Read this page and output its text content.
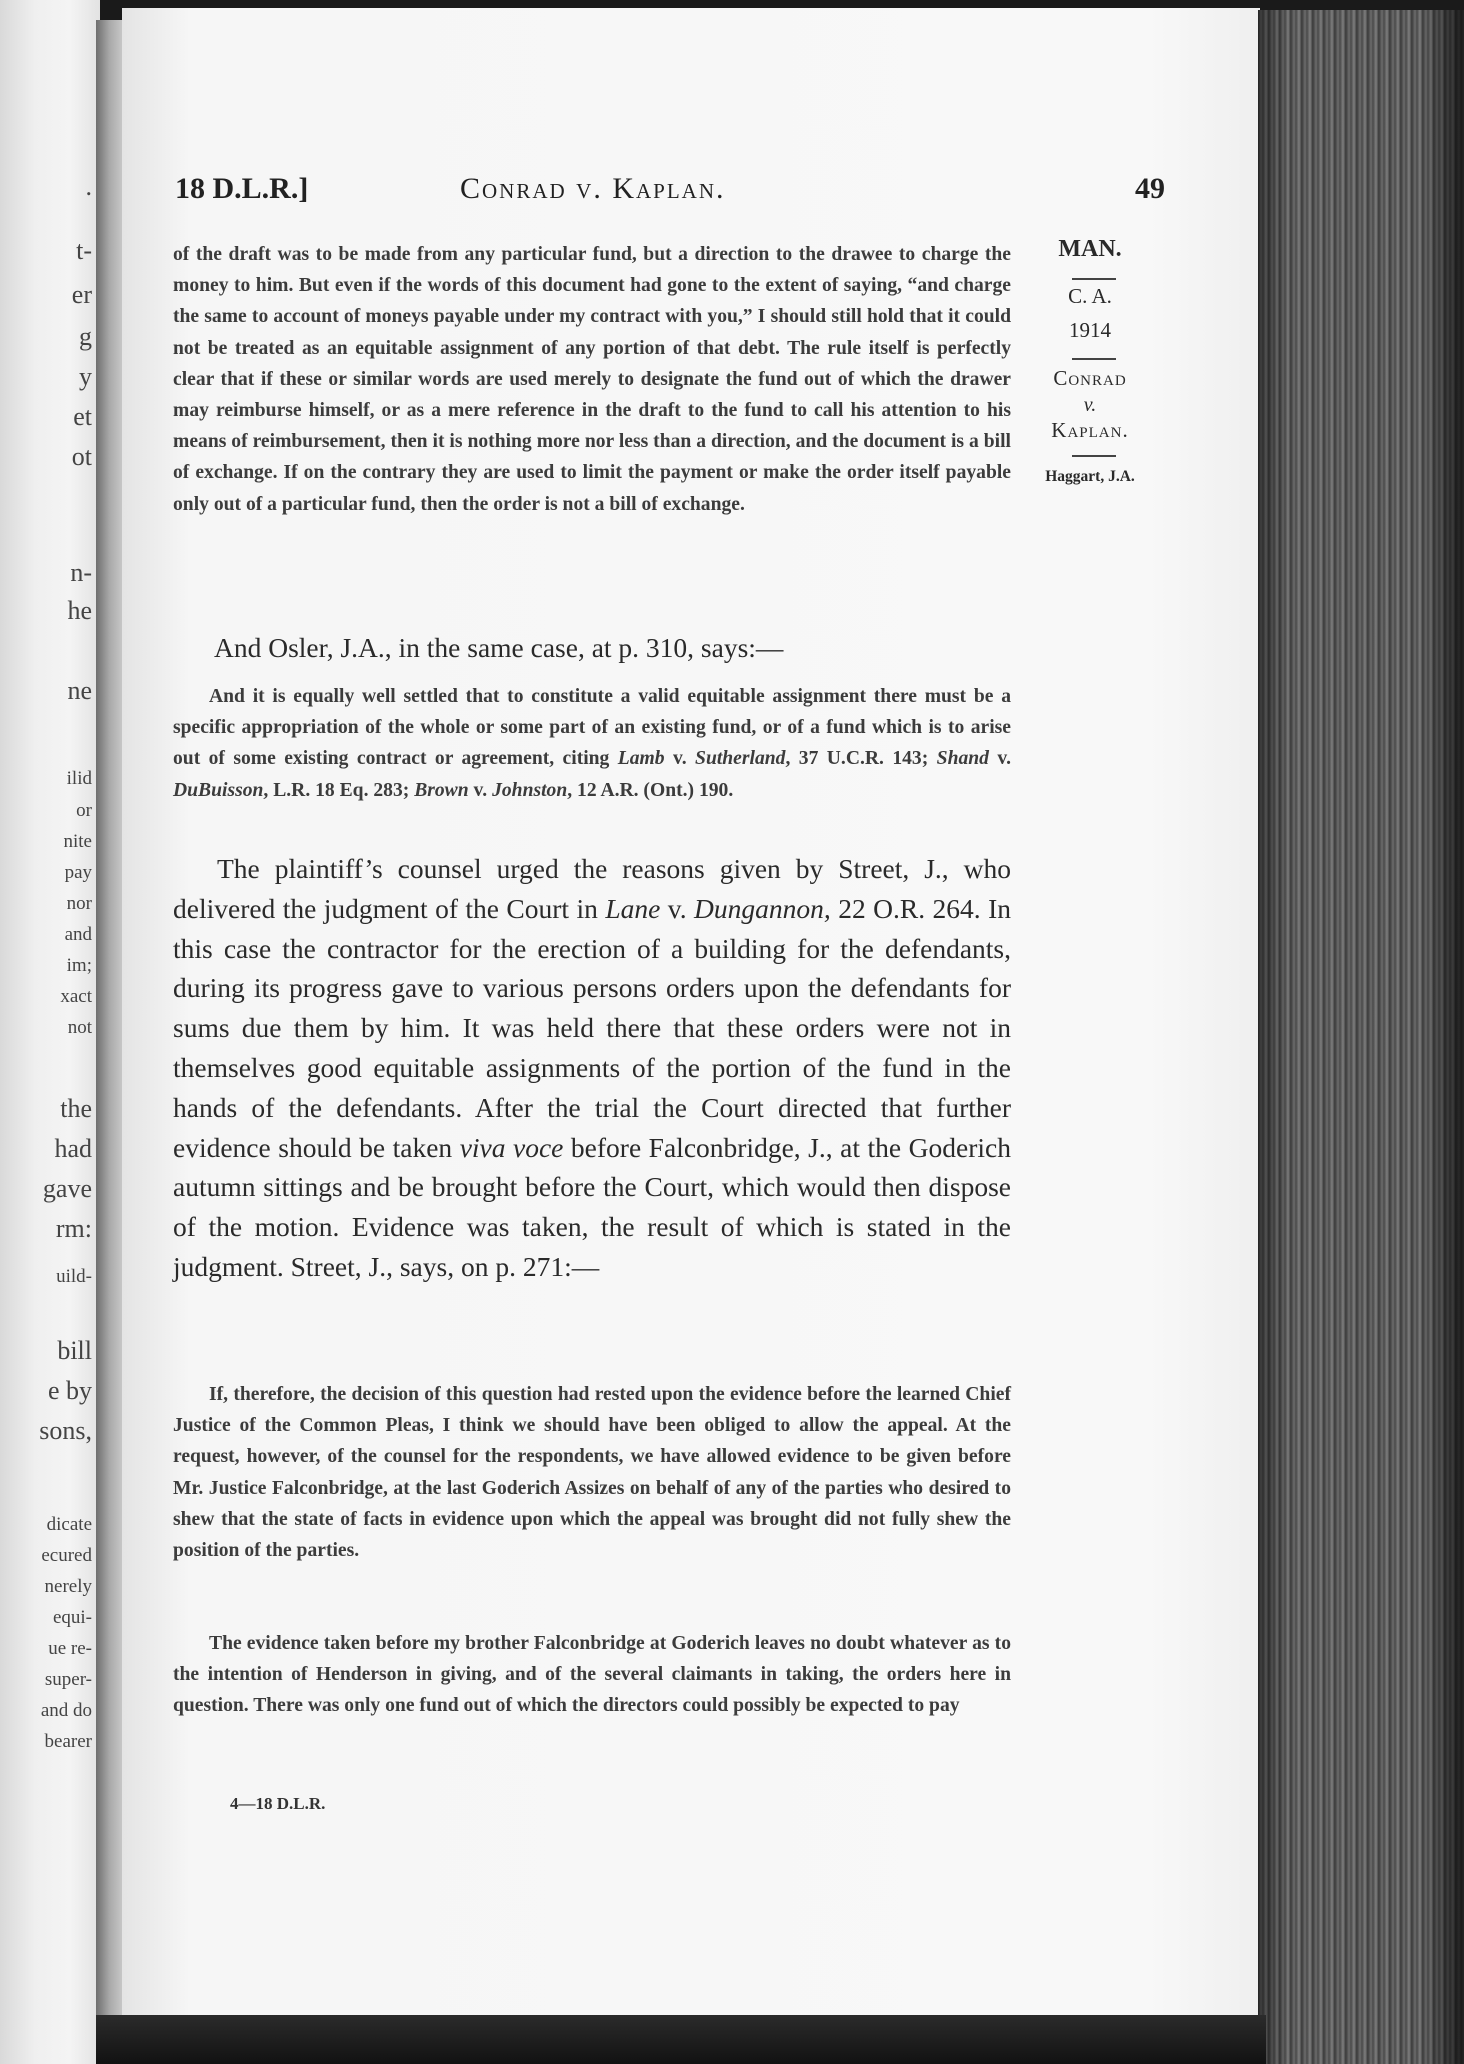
.
t-
er
g
y
et
ot
n-
he
ne
ilid
or
nite
pay
nor
and
im;
xact
not
the
had
gave
rm:
uild-
bill
e by
sons,
dicate
ecured
nerely
equi-
ue re-
super-
and do
bearer
18 D.L.R.]	Conrad v. Kaplan.	49
MAN.
C. A.
1914
Conrad
v.
Kaplan.
Haggart, J.A.
of the draft was to be made from any particular fund, but a direction to the drawee to charge the money to him. But even if the words of this document had gone to the extent of saying, “and charge the same to account of moneys payable under my contract with you,” I should still hold that it could not be treated as an equitable assignment of any portion of that debt. The rule itself is perfectly clear that if these or similar words are used merely to designate the fund out of which the drawer may reimburse himself, or as a mere reference in the draft to the fund to call his attention to his means of reimbursement, then it is nothing more nor less than a direction, and the document is a bill of exchange. If on the contrary they are used to limit the payment or make the order itself payable only out of a particular fund, then the order is not a bill of exchange.
And Osler, J.A., in the same case, at p. 310, says:—
And it is equally well settled that to constitute a valid equitable assignment there must be a specific appropriation of the whole or some part of an existing fund, or of a fund which is to arise out of some existing contract or agreement, citing Lamb v. Sutherland, 37 U.C.R. 143; Shand v. DuBuisson, L.R. 18 Eq. 283; Brown v. Johnston, 12 A.R. (Ont.) 190.
The plaintiff’s counsel urged the reasons given by Street, J., who delivered the judgment of the Court in Lane v. Dungannon, 22 O.R. 264. In this case the contractor for the erection of a building for the defendants, during its progress gave to various persons orders upon the defendants for sums due them by him. It was held there that these orders were not in themselves good equitable assignments of the portion of the fund in the hands of the defendants. After the trial the Court directed that further evidence should be taken viva voce before Falconbridge, J., at the Goderich autumn sittings and be brought before the Court, which would then dispose of the motion. Evidence was taken, the result of which is stated in the judgment. Street, J., says, on p. 271:—
If, therefore, the decision of this question had rested upon the evidence before the learned Chief Justice of the Common Pleas, I think we should have been obliged to allow the appeal. At the request, however, of the counsel for the respondents, we have allowed evidence to be given before Mr. Justice Falconbridge, at the last Goderich Assizes on behalf of any of the parties who desired to shew that the state of facts in evidence upon which the appeal was brought did not fully shew the position of the parties.
The evidence taken before my brother Falconbridge at Goderich leaves no doubt whatever as to the intention of Henderson in giving, and of the several claimants in taking, the orders here in question. There was only one fund out of which the directors could possibly be expected to pay
4—18 D.L.R.
